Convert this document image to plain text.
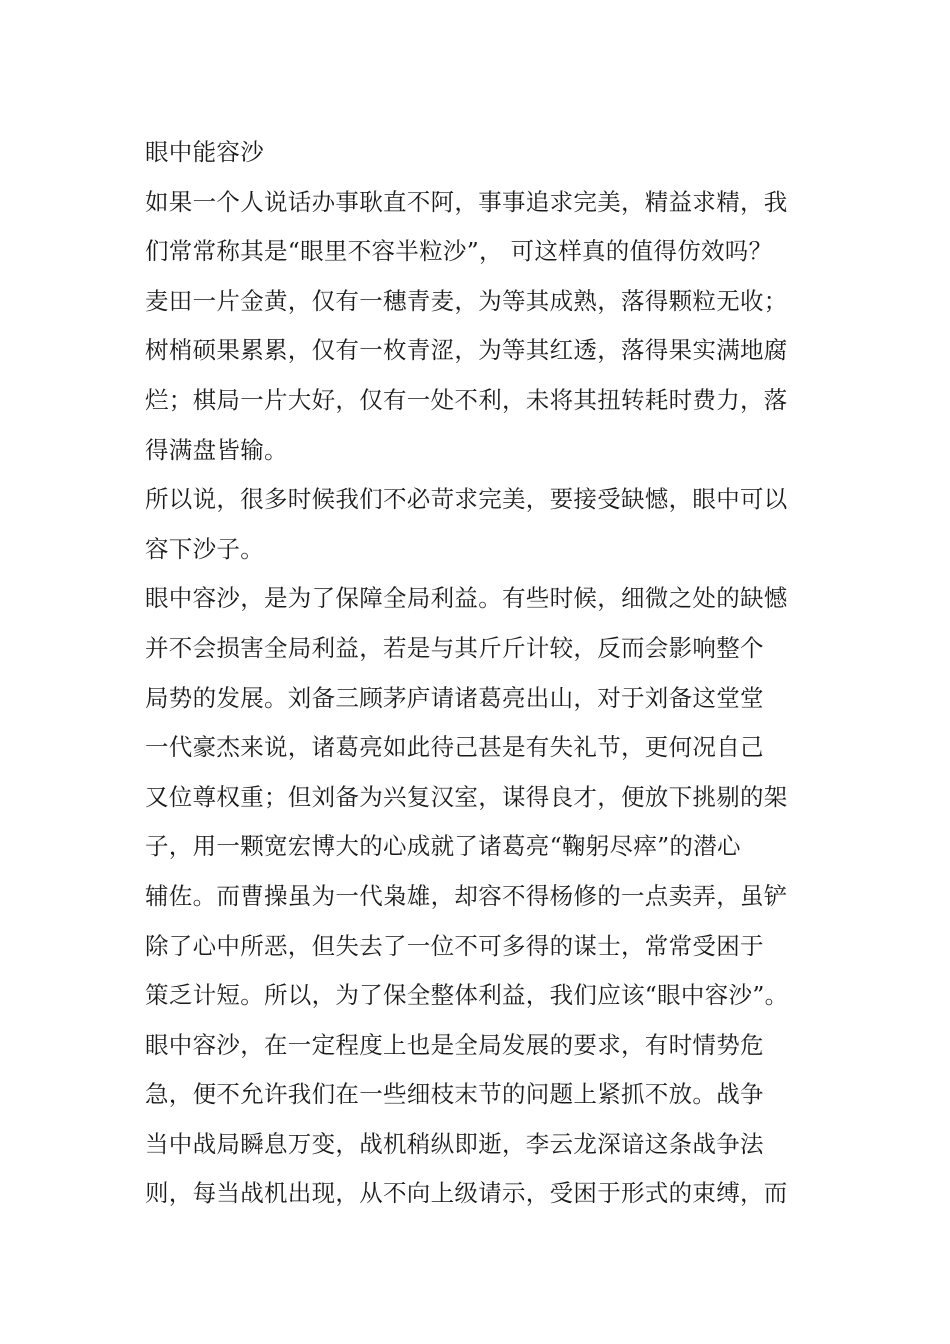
眼中能容沙
如果一个人说话办事耿直不阿，事事追求完美，精益求精，我
们常常称其是“眼里不容半粒沙”， 可这样真的值得仿效吗？
麦田一片金黄，仅有一穗青麦，为等其成熟，落得颗粒无收；
树梢硕果累累，仅有一枚青涩，为等其红透，落得果实满地腐
烂；棋局一片大好，仅有一处不利，未将其扭转耗时费力，落
得满盘皆输。
所以说，很多时候我们不必苛求完美，要接受缺憾，眼中可以
容下沙子。
眼中容沙，是为了保障全局利益。有些时候，细微之处的缺憾
并不会损害全局利益，若是与其斤斤计较，反而会影响整个
局势的发展。刘备三顾茅庐请诸葛亮出山，对于刘备这堂堂
一代豪杰来说，诸葛亮如此待己甚是有失礼节，更何况自己
又位尊权重；但刘备为兴复汉室，谋得良才，便放下挑剔的架
子，用一颗宽宏博大的心成就了诸葛亮“鞠躬尽瘁”的潜心
辅佐。而曹操虽为一代枭雄，却容不得杨修的一点卖弄，虽铲
除了心中所恶，但失去了一位不可多得的谋士，常常受困于
策乏计短。所以，为了保全整体利益，我们应该“眼中容沙”。
眼中容沙，在一定程度上也是全局发展的要求，有时情势危
急，便不允许我们在一些细枝末节的问题上紧抓不放。战争
当中战局瞬息万变，战机稍纵即逝，李云龙深谙这条战争法
则，每当战机出现，从不向上级请示，受困于形式的束缚，而
